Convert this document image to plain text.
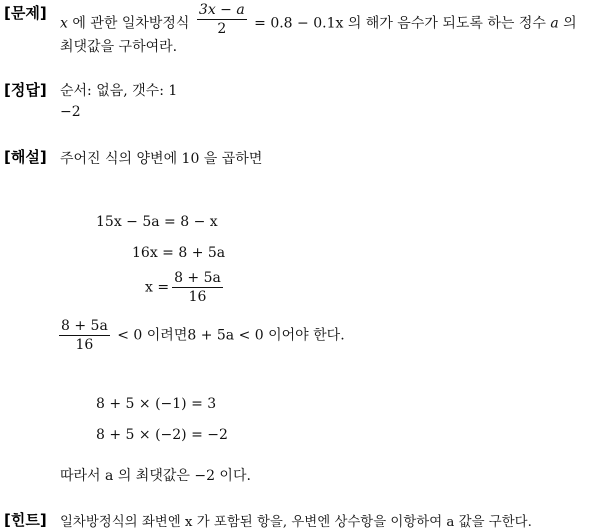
[문제]
x 에 관한 일차방정식 $\frac{3x - a}{2} = 0.8 - 0.1x$ 의 해가 음수가 되도록 하는 정수 a 의
최댓값을 구하여라.
[정답] 순서: 없음, 갯수: 1
−2
[해설] 주어진 식의 양변에 10 을 곱하면
15x − 5a = 8 − x
16x = 8 + 5a
$x = \frac{8 + 5a}{16}$
$\frac{8 + 5a}{16} < 0$ 이려면8 + 5a < 0 이어야 한다.
8 + 5 × (−1) = 3
8 + 5 × (−2) = −2
따라서 a 의 최댓값은 −2 이다.
[힌트] 일차방정식의 좌변엔 x 가 포함된 항을, 우변엔 상수항을 이항하여 a 값을 구한다.
